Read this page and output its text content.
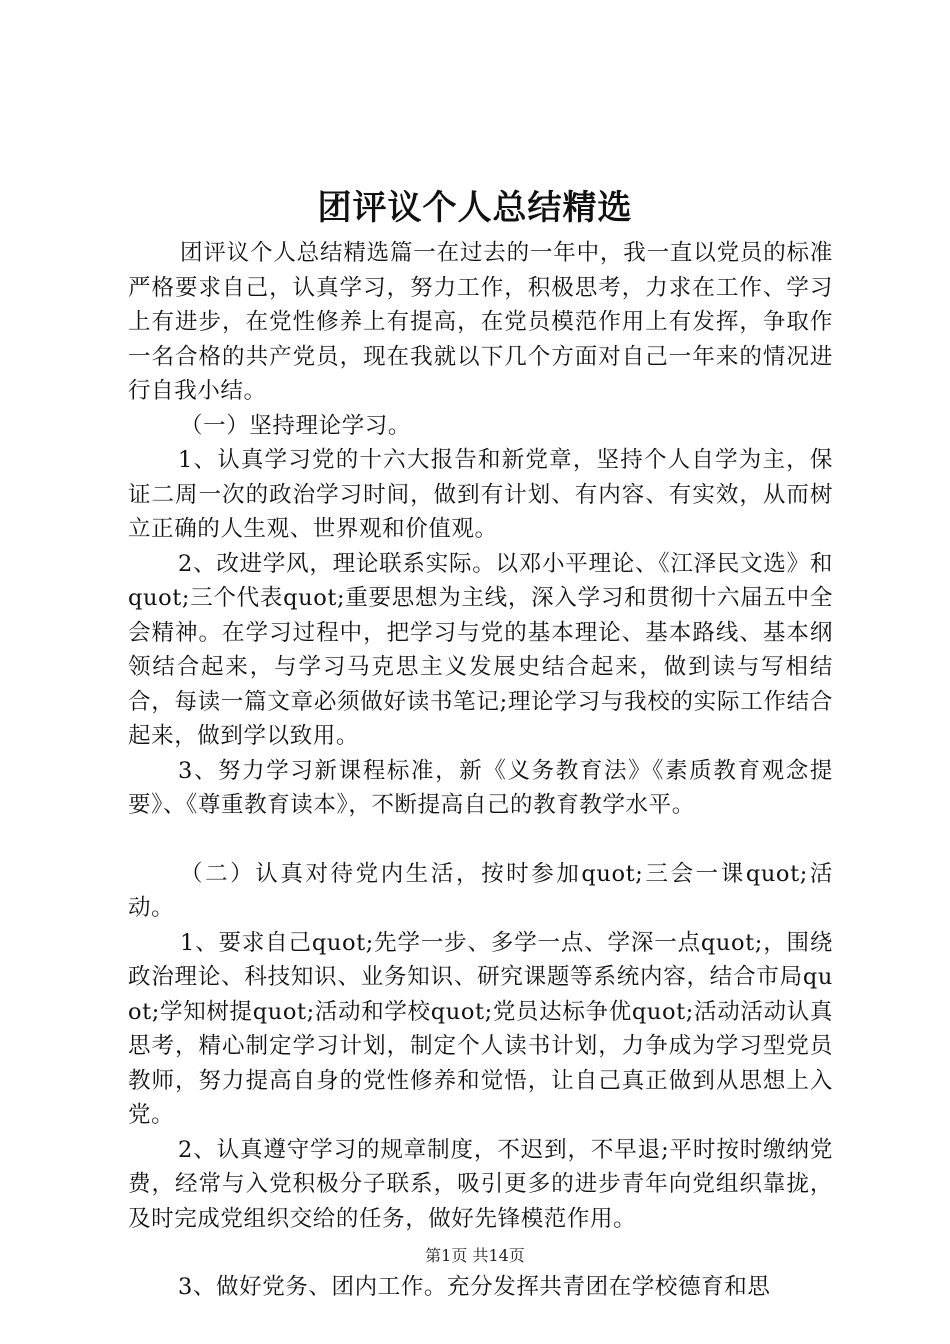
团评议个人总结精选

团评议个人总结精选篇一在过去的一年中，我一直以党员的标准严格要求自己，认真学习，努力工作，积极思考，力求在工作、学习上有进步，在党性修养上有提高，在党员模范作用上有发挥，争取作一名合格的共产党员，现在我就以下几个方面对自己一年来的情况进行自我小结。

（一）坚持理论学习。

1、认真学习党的十六大报告和新党章，坚持个人自学为主，保证二周一次的政治学习时间，做到有计划、有内容、有实效，从而树立正确的人生观、世界观和价值观。

2、改进学风，理论联系实际。以邓小平理论、《江泽民文选》和quot;三个代表quot;重要思想为主线，深入学习和贯彻十六届五中全会精神。在学习过程中，把学习与党的基本理论、基本路线、基本纲领结合起来，与学习马克思主义发展史结合起来，做到读与写相结合，每读一篇文章必须做好读书笔记;理论学习与我校的实际工作结合起来，做到学以致用。

3、努力学习新课程标准，新《义务教育法》《素质教育观念提要》、《尊重教育读本》，不断提高自己的教育教学水平。

（二）认真对待党内生活，按时参加quot;三会一课quot;活动。

1、要求自己quot;先学一步、多学一点、学深一点quot;，围绕政治理论、科技知识、业务知识、研究课题等系统内容，结合市局quot;学知树提quot;活动和学校quot;党员达标争优quot;活动活动认真思考，精心制定学习计划，制定个人读书计划，力争成为学习型党员教师，努力提高自身的党性修养和觉悟，让自己真正做到从思想上入党。

2、认真遵守学习的规章制度，不迟到，不早退;平时按时缴纳党费，经常与入党积极分子联系，吸引更多的进步青年向党组织靠拢，及时完成党组织交给的任务，做好先锋模范作用。

3、做好党务、团内工作。充分发挥共青团在学校德育和思

第1页 共14页
